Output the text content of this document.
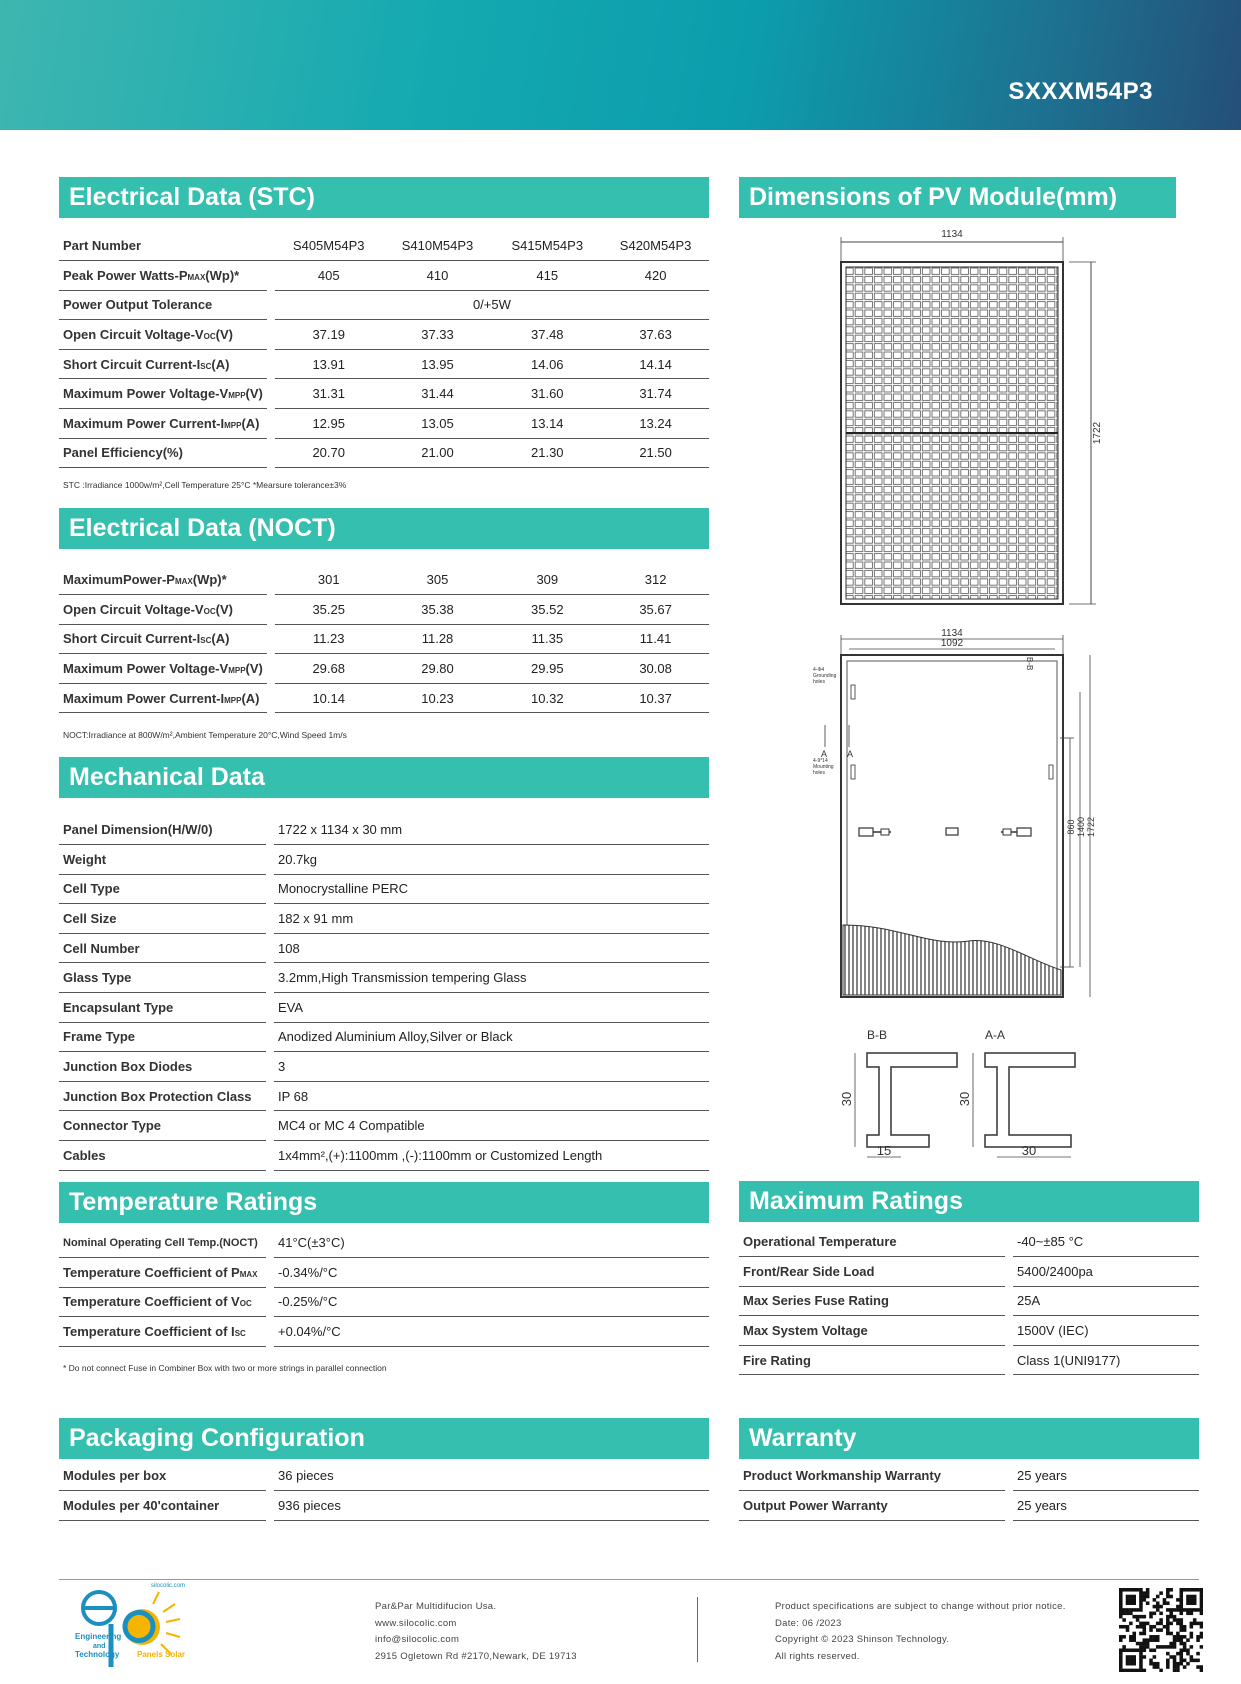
SXXXM54P3
Electrical Data (STC)
Part Number		S405M54P3	S410M54P3	S415M54P3	S420M54P3
Peak Power Watts-PMAX(Wp)*		405	410	415	420
Power Output Tolerance		0/+5W			
Open Circuit Voltage-VOC(V)		37.19	37.33	37.48	37.63
Short Circuit Current-ISC(A)		13.91	13.95	14.06	14.14
Maximum Power Voltage-VMPP(V)		31.31	31.44	31.60	31.74
Maximum Power Current-IMPP(A)		12.95	13.05	13.14	13.24
Panel Efficiency(%)		20.70	21.00	21.30	21.50
STC :Irradiance 1000w/m²,Cell Temperature 25°C *Mearsure tolerance±3%
Electrical Data (NOCT)
MaximumPower-PMAX(Wp)*		301	305	309	312
Open Circuit Voltage-VOC(V)		35.25	35.38	35.52	35.67
Short Circuit Current-ISC(A)		11.23	11.28	11.35	11.41
Maximum Power Voltage-VMPP(V)		29.68	29.80	29.95	30.08
Maximum Power Current-IMPP(A)		10.14	10.23	10.32	10.37
NOCT:Irradiance at 800W/m²,Ambient Temperature 20°C,Wind Speed 1m/s
Mechanical Data
Panel Dimension(H/W/0)		1722 x 1134 x 30 mm
Weight		20.7kg
Cell Type		Monocrystalline PERC
Cell Size		182 x 91 mm
Cell Number		108
Glass Type		3.2mm,High Transmission tempering Glass
Encapsulant Type		EVA
Frame Type		Anodized Aluminium Alloy,Silver or Black
Junction Box Diodes		3
Junction Box Protection Class		IP 68
Connector Type		MC4 or MC 4 Compatible
Cables		1x4mm²,(+):1100mm ,(-):1100mm or Customized Length
Temperature Ratings
Nominal Operating Cell Temp.(NOCT)		41°C(±3°C)
Temperature Coefficient of PMAX		-0.34%/°C
Temperature Coefficient of VOC		-0.25%/°C
Temperature Coefficient of ISC		+0.04%/°C
* Do not connect Fuse in Combiner Box with two or more strings in parallel connection
Dimensions of PV Module(mm)
1134
1722
1134
1092
B-B
A A
4-Φ4
Grounding
holes
4-9*14
Mounting
holes
860 1400 1722
B-B	A-A
30
15
30
30
Maximum Ratings
Operational Temperature		-40~±85 °C
Front/Rear Side Load		5400/2400pa
Max Series Fuse Rating		25A
Max System Voltage		1500V (IEC)
Fire Rating		Class 1(UNI9177)
Packaging Configuration
Modules per box		36 pieces
Modules per 40'container		936 pieces
Warranty
Product Workmanship Warranty		25 years
Output Power Warranty		25 years
silocolic.com
Engineering
and
Technology Panels Solar
Par&Par Multidifucion Usa.
www.silocolic.com
info@silocolic.com
2915 Ogletown Rd #2170,Newark, DE 19713
Product specifications are subject to change without prior notice.
Date: 06 /2023
Copyright © 2023 Shinson Technology.
All rights reserved.
